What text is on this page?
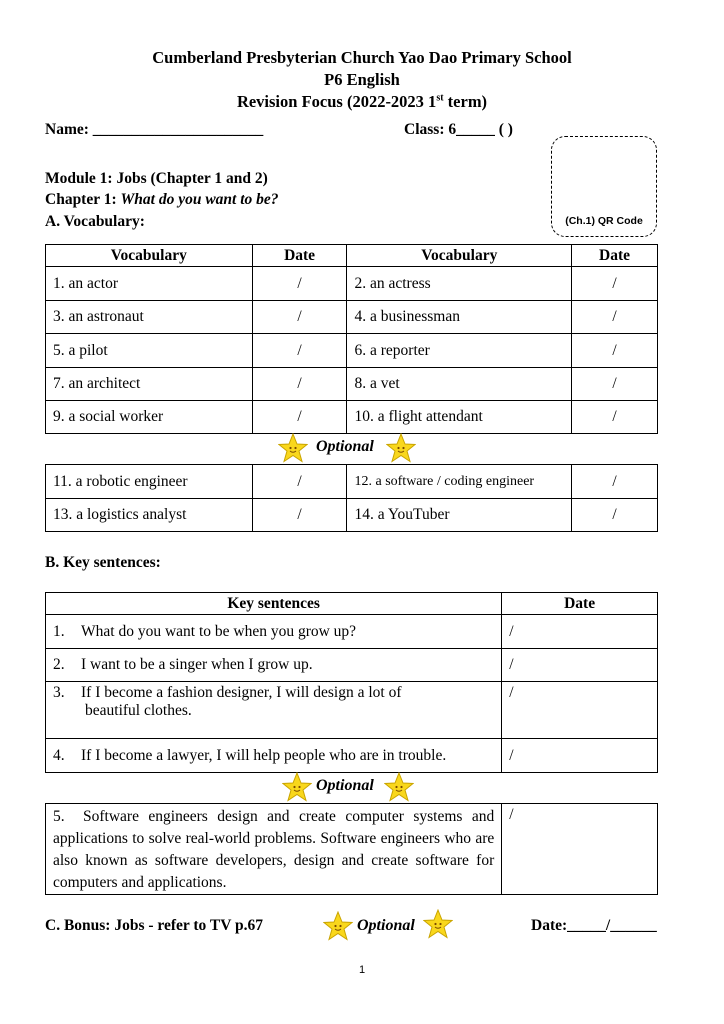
Cumberland Presbyterian Church Yao Dao Primary School
P6 English
Revision Focus (2022-2023 1st term)
Name: ______________________	Class: 6_____ ( )
(Ch.1) QR Code
Module 1: Jobs (Chapter 1 and 2)
Chapter 1: What do you want to be?
A. Vocabulary:
Vocabulary	Date	Vocabulary	Date
1. an actor	/	2. an actress	/
3. an astronaut	/	4. a businessman	/
5. a pilot	/	6. a reporter	/
7. an architect	/	8. a vet	/
9. a social worker	/	10. a flight attendant	/
Optional
11. a robotic engineer	/	12. a software / coding engineer	/
13. a logistics analyst	/	14. a YouTuber	/
B. Key sentences:
Key sentences	Date
1. What do you want to be when you grow up?	/
2. I want to be a singer when I grow up.	/

3. If I become a fashion designer, I will design a lot of
beautiful clothes.	/
4. If I become a lawyer, I will help people who are in trouble.	/
Optional
5. Software engineers design and create computer systems and applications to solve real-world problems. Software engineers who are also known as software developers, design and create software for computers and applications.	/
C. Bonus: Jobs - refer to TV p.67	Optional	Date:_____/______
1
